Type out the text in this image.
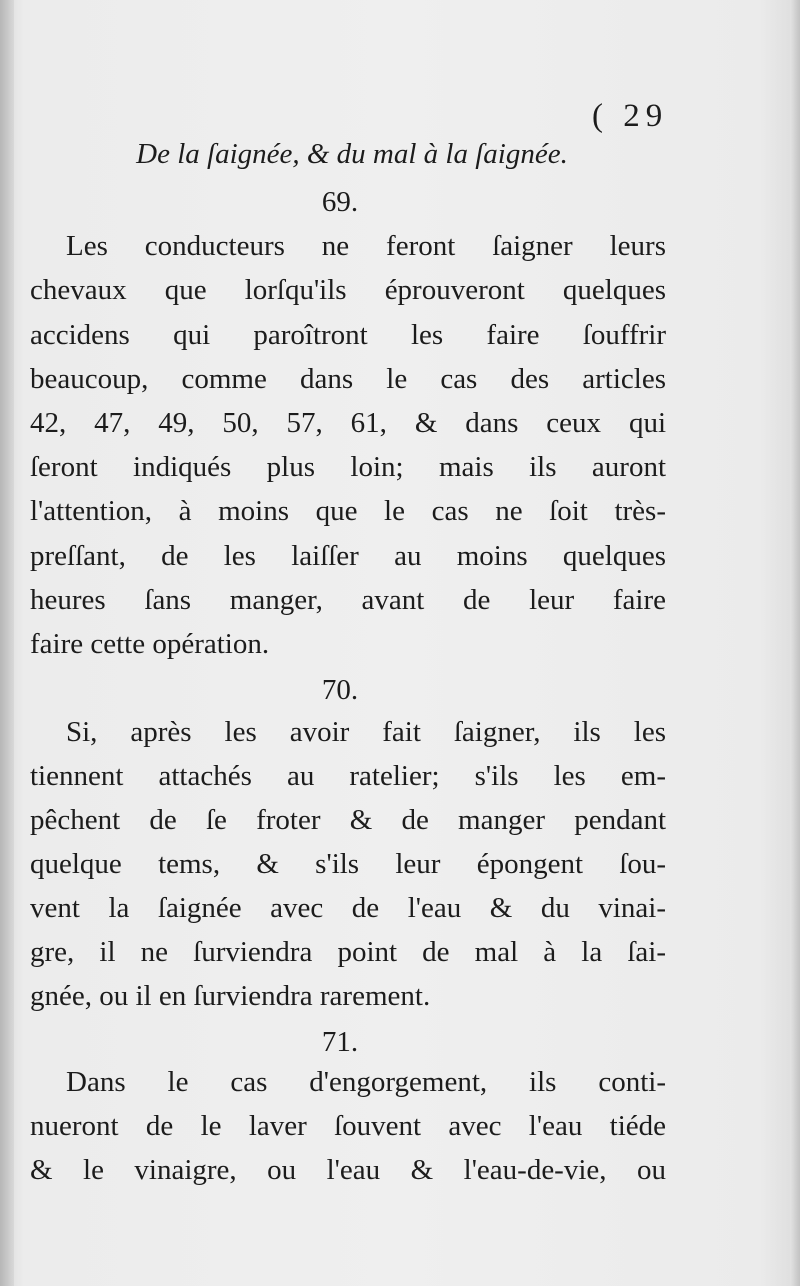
( 29
De la ſaignée, & du mal à la ſaignée.
69.
Les conducteurs ne feront ſaigner leurs
chevaux que lorſqu'ils éprouveront quelques
accidens qui paroîtront les faire ſouffrir
beaucoup, comme dans le cas des articles
42, 47, 49, 50, 57, 61, & dans ceux qui
ſeront indiqués plus loin; mais ils auront
l'attention, à moins que le cas ne ſoit très-
preſſant, de les laiſſer au moins quelques
heures ſans manger, avant de leur faire
faire cette opération.
70.
Si, après les avoir fait ſaigner, ils les
tiennent attachés au ratelier; s'ils les em-
pêchent de ſe froter & de manger pendant
quelque tems, & s'ils leur épongent ſou-
vent la ſaignée avec de l'eau & du vinai-
gre, il ne ſurviendra point de mal à la ſai-
gnée, ou il en ſurviendra rarement.
71.
Dans le cas d'engorgement, ils conti-
nueront de le laver ſouvent avec l'eau tiéde
& le vinaigre, ou l'eau & l'eau-de-vie, ou
